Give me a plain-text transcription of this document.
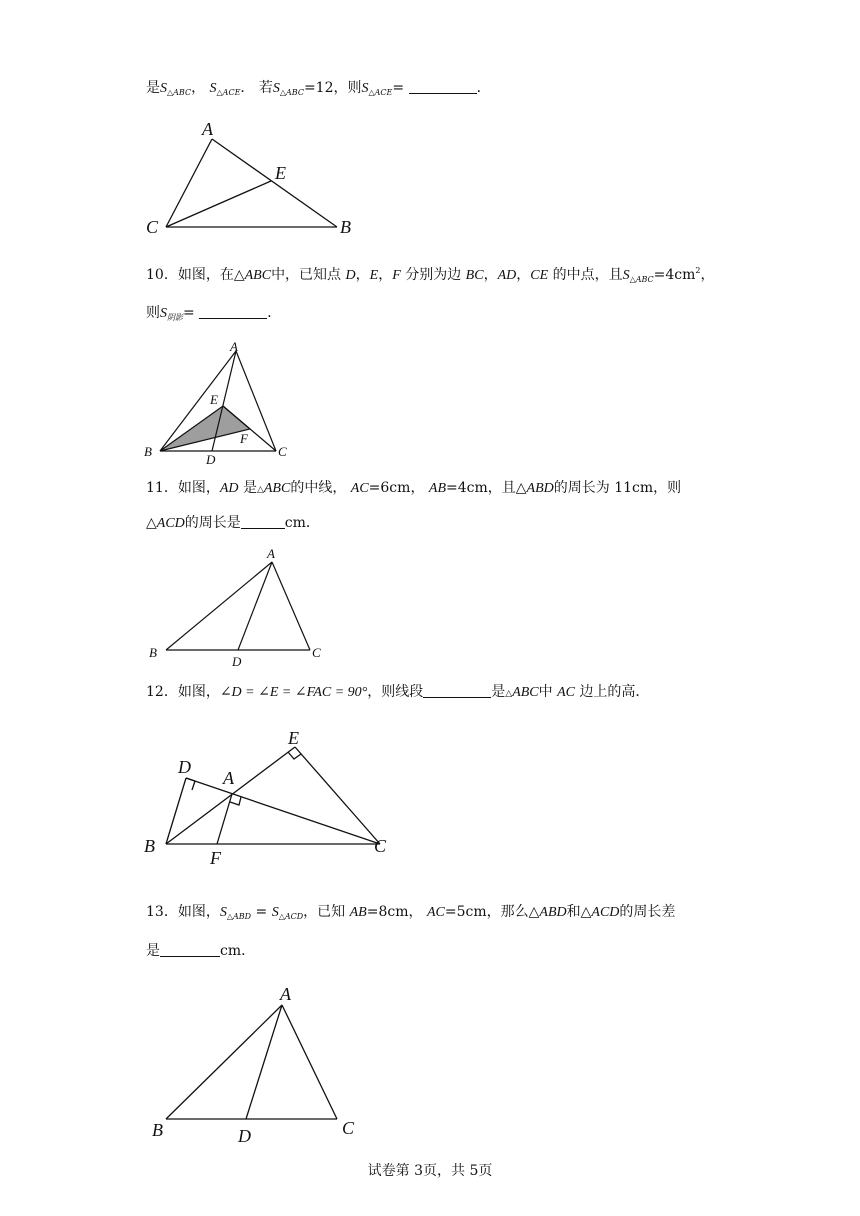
是$S_{\triangle ABC}$， $S_{\triangle ACE}$． 若$S_{\triangle ABC}=12$，则$S_{\triangle ACE}=$	．
A
C	B
E
10．如图，在△ABC中，已知点 D，E，F 分别为边 BC，AD，CE 的中点，且$S_{\triangle ABC}=4cm^2$，
则$S_{阴影}=$	．
A
B	C
D
E
F
11．如图，AD 是△ABC的中线， AC=6cm， AB=4cm，且△ABD的周长为 11cm，则
△ACD的周长是	cm．
A
B	C
D
12．如图，∠D = ∠E = ∠FAC = 90°，则线段	是△ABC中 AC 边上的高．
B	C
D
E
A
F
13．如图，$S_{\triangle ABD} = S_{\triangle ACD}$，已知 AB=8cm， AC=5cm，那么△ABD和△ACD的周长差
是	cm．
A
B	C
D
试卷第 3页，共 5页
